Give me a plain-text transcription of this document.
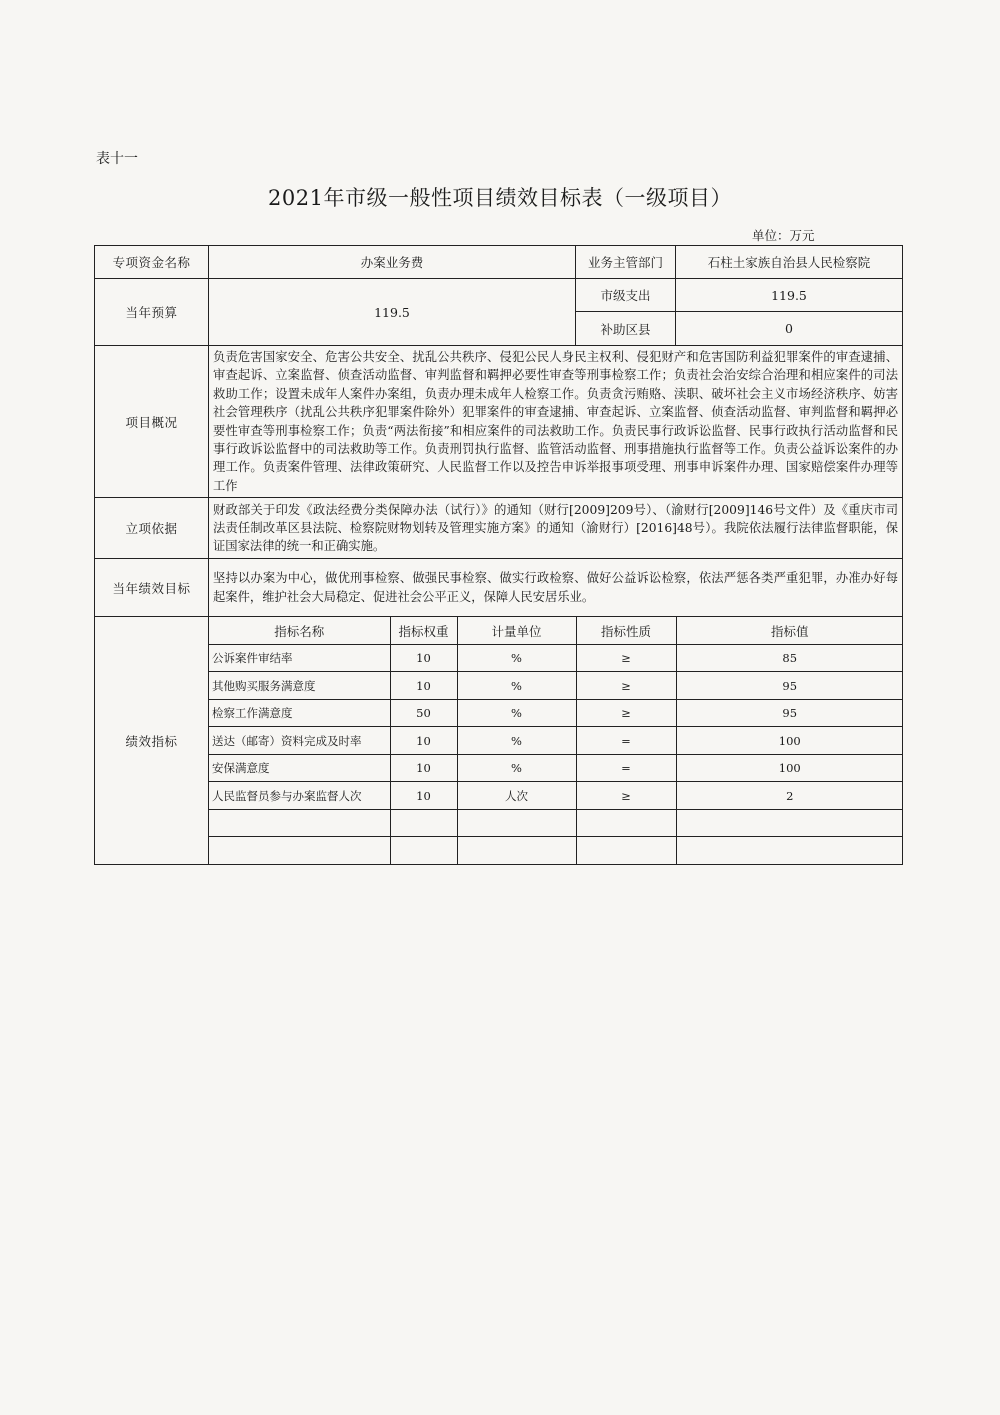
表十一
2021年市级一般性项目绩效目标表（一级项目）
单位：万元
专项资金名称	办案业务费	业务主管部门	石柱土家族自治县人民检察院
当年预算	119.5	市级支出	119.5
补助区县	0
项目概况	负责危害国家安全、危害公共安全、扰乱公共秩序、侵犯公民人身民主权利、侵犯财产和危害国防利益犯罪案件的审查逮捕、审查起诉、立案监督、侦查活动监督、审判监督和羁押必要性审查等刑事检察工作；负责社会治安综合治理和相应案件的司法救助工作；设置未成年人案件办案组，负责办理未成年人检察工作。负责贪污贿赂、渎职、破坏社会主义市场经济秩序、妨害社会管理秩序（扰乱公共秩序犯罪案件除外）犯罪案件的审查逮捕、审查起诉、立案监督、侦查活动监督、审判监督和羁押必要性审查等刑事检察工作；负责“两法衔接”和相应案件的司法救助工作。负责民事行政诉讼监督、民事行政执行活动监督和民事行政诉讼监督中的司法救助等工作。负责刑罚执行监督、监管活动监督、刑事措施执行监督等工作。负责公益诉讼案件的办理工作。负责案件管理、法律政策研究、人民监督工作以及控告申诉举报事项受理、刑事申诉案件办理、国家赔偿案件办理等工作
立项依据	财政部关于印发《政法经费分类保障办法（试行）》的通知（财行[2009]209号）、（渝财行[2009]146号文件）及《重庆市司法责任制改革区县法院、检察院财物划转及管理实施方案》的通知（渝财行）[2016]48号）。我院依法履行法律监督职能，保证国家法律的统一和正确实施。
当年绩效目标	坚持以办案为中心，做优刑事检察、做强民事检察、做实行政检察、做好公益诉讼检察，依法严惩各类严重犯罪，办准办好每起案件，维护社会大局稳定、促进社会公平正义，保障人民安居乐业。
绩效指标	
指标名称	指标权重	计量单位	指标性质	指标值
公诉案件审结率	10	%	≥	85
其他购买服务满意度	10	%	≥	95
检察工作满意度	50	%	≥	95
送达（邮寄）资料完成及时率	10	%	=	100
安保满意度	10	%	=	100
人民监督员参与办案监督人次	10	人次	≥	2
